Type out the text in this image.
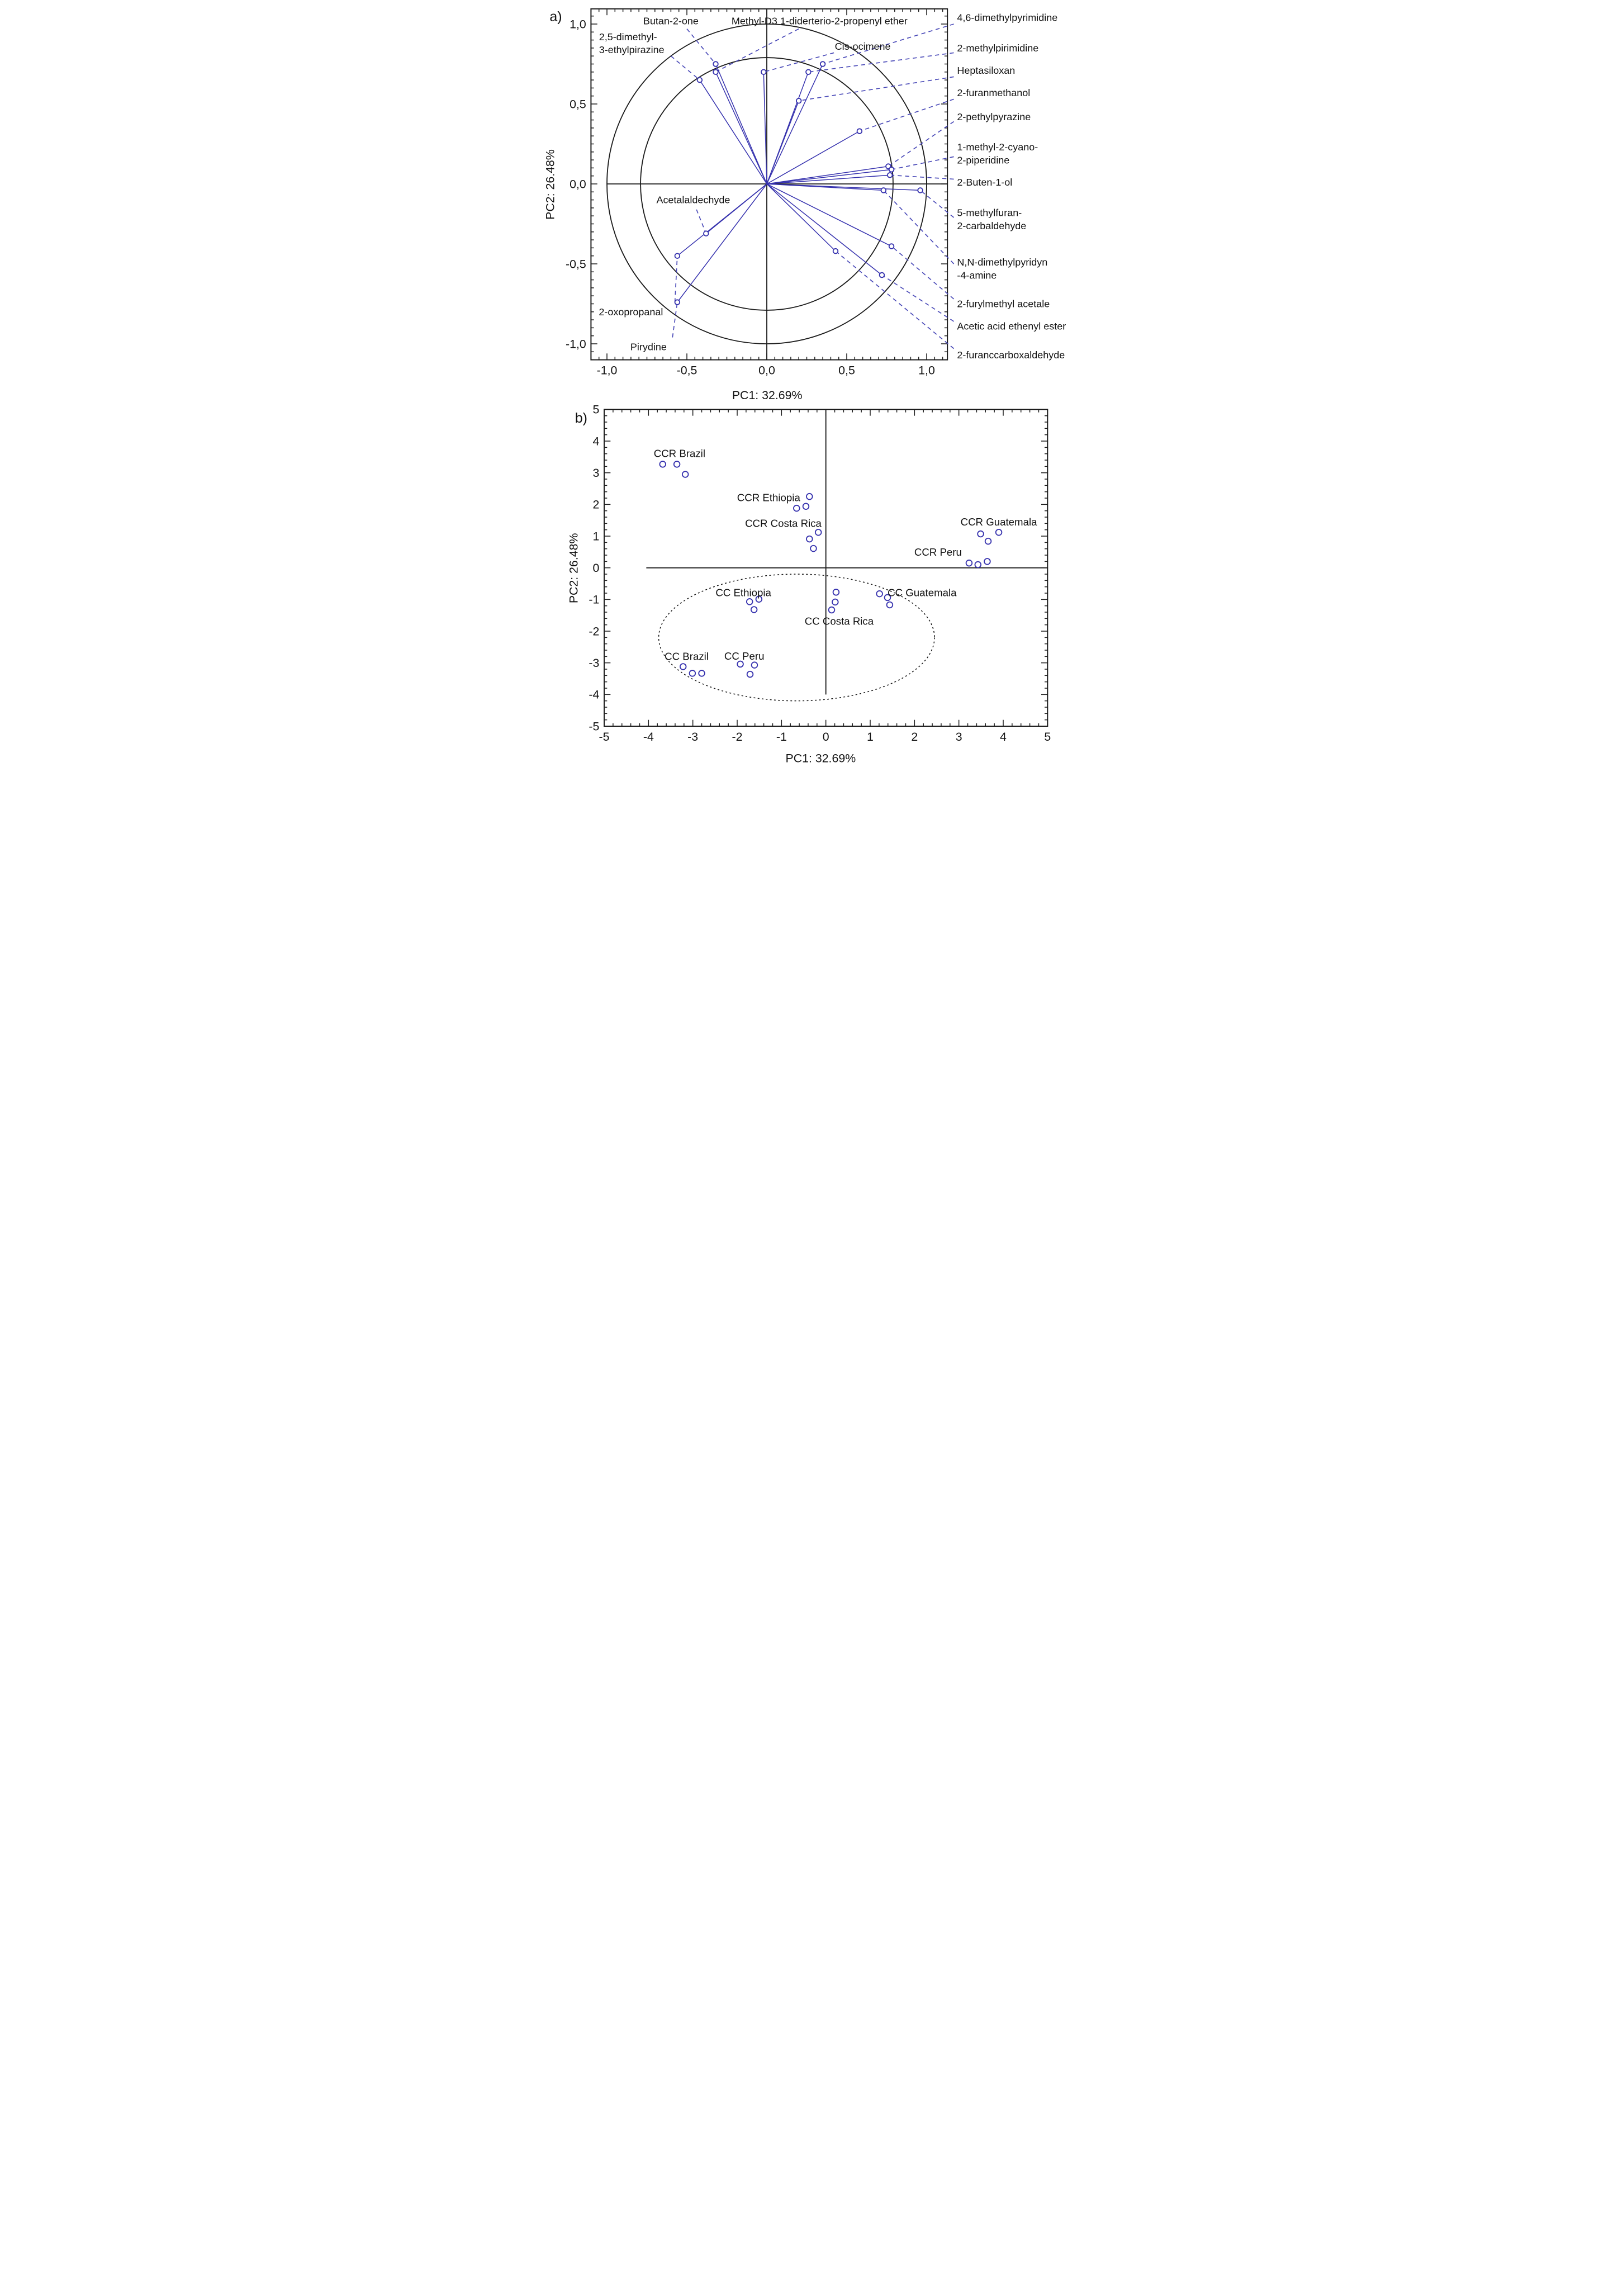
a)
-1,0 -0,5 0,0 0,5 1,0
1,0
0,5
0,0
-0,5
-1,0
PC1: 32.69%
PC2: 26.48%
2,5-dimethyl-3-ethylpirazine
Butan-2-one Methyl-D3 1-diderterio-2-propenyl ether
Cis-ocimene
4,6-dimethylpyrimidine
2-methylpirimidine
Heptasiloxan
2-furanmethanol
2-pethylpyrazine
1-methyl-2-cyano-2-piperidine
2-Buten-1-ol
5-methylfuran-2-carbaldehyde
N,N-dimethylpyridyn -4-amine
2-furylmethyl acetale
Acetic acid ethenyl ester
2-furanccarboxaldehyde
Acetalaldechyde
2-oxopropanal
Pirydine
b)
-5 -4 -3 -2 -1 0 1 2 3 4 5
5
4
3
2
1
0
-1
-2
-3
-4
-5
PC1: 32.69%
PC2: 26.48%
CCR Brazil
CCR Ethiopia
CCR Costa Rica	CCR Guatemala
CCR Peru
CC Ethiopia	CC Guatemala
CC Costa Rica
CC Brazil CC Peru
